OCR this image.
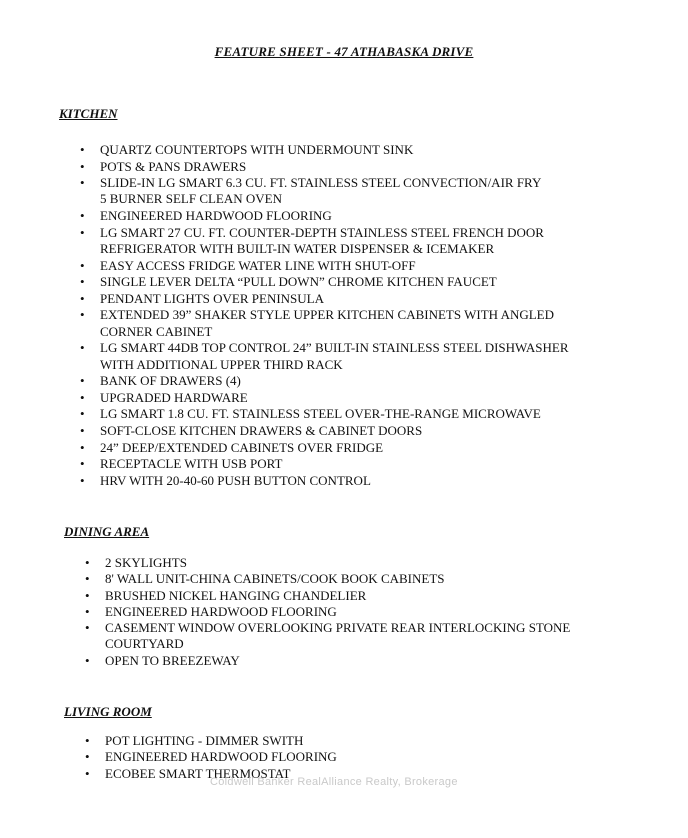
FEATURE SHEET - 47 ATHABASKA DRIVE
KITCHEN
• QUARTZ COUNTERTOPS WITH UNDERMOUNT SINK
• POTS & PANS DRAWERS
• SLIDE-IN LG SMART 6.3 CU. FT. STAINLESS STEEL CONVECTION/AIR FRY
5 BURNER SELF CLEAN OVEN
• ENGINEERED HARDWOOD FLOORING
• LG SMART 27 CU. FT. COUNTER-DEPTH STAINLESS STEEL FRENCH DOOR
REFRIGERATOR WITH BUILT-IN WATER DISPENSER & ICEMAKER
• EASY ACCESS FRIDGE WATER LINE WITH SHUT-OFF
• SINGLE LEVER DELTA “PULL DOWN” CHROME KITCHEN FAUCET
• PENDANT LIGHTS OVER PENINSULA
• EXTENDED 39” SHAKER STYLE UPPER KITCHEN CABINETS WITH ANGLED
CORNER CABINET
• LG SMART 44DB TOP CONTROL 24” BUILT-IN STAINLESS STEEL DISHWASHER
WITH ADDITIONAL UPPER THIRD RACK
• BANK OF DRAWERS (4)
• UPGRADED HARDWARE
• LG SMART 1.8 CU. FT. STAINLESS STEEL OVER-THE-RANGE MICROWAVE
• SOFT-CLOSE KITCHEN DRAWERS & CABINET DOORS
• 24” DEEP/EXTENDED CABINETS OVER FRIDGE
• RECEPTACLE WITH USB PORT
• HRV WITH 20-40-60 PUSH BUTTON CONTROL
DINING AREA
• 2 SKYLIGHTS
• 8' WALL UNIT-CHINA CABINETS/COOK BOOK CABINETS
• BRUSHED NICKEL HANGING CHANDELIER
• ENGINEERED HARDWOOD FLOORING
• CASEMENT WINDOW OVERLOOKING PRIVATE REAR INTERLOCKING STONE
COURTYARD
• OPEN TO BREEZEWAY
LIVING ROOM
• POT LIGHTING - DIMMER SWITH
• ENGINEERED HARDWOOD FLOORING
• ECOBEE SMART THERMOSTAT
Coldwell Banker RealAlliance Realty, Brokerage
